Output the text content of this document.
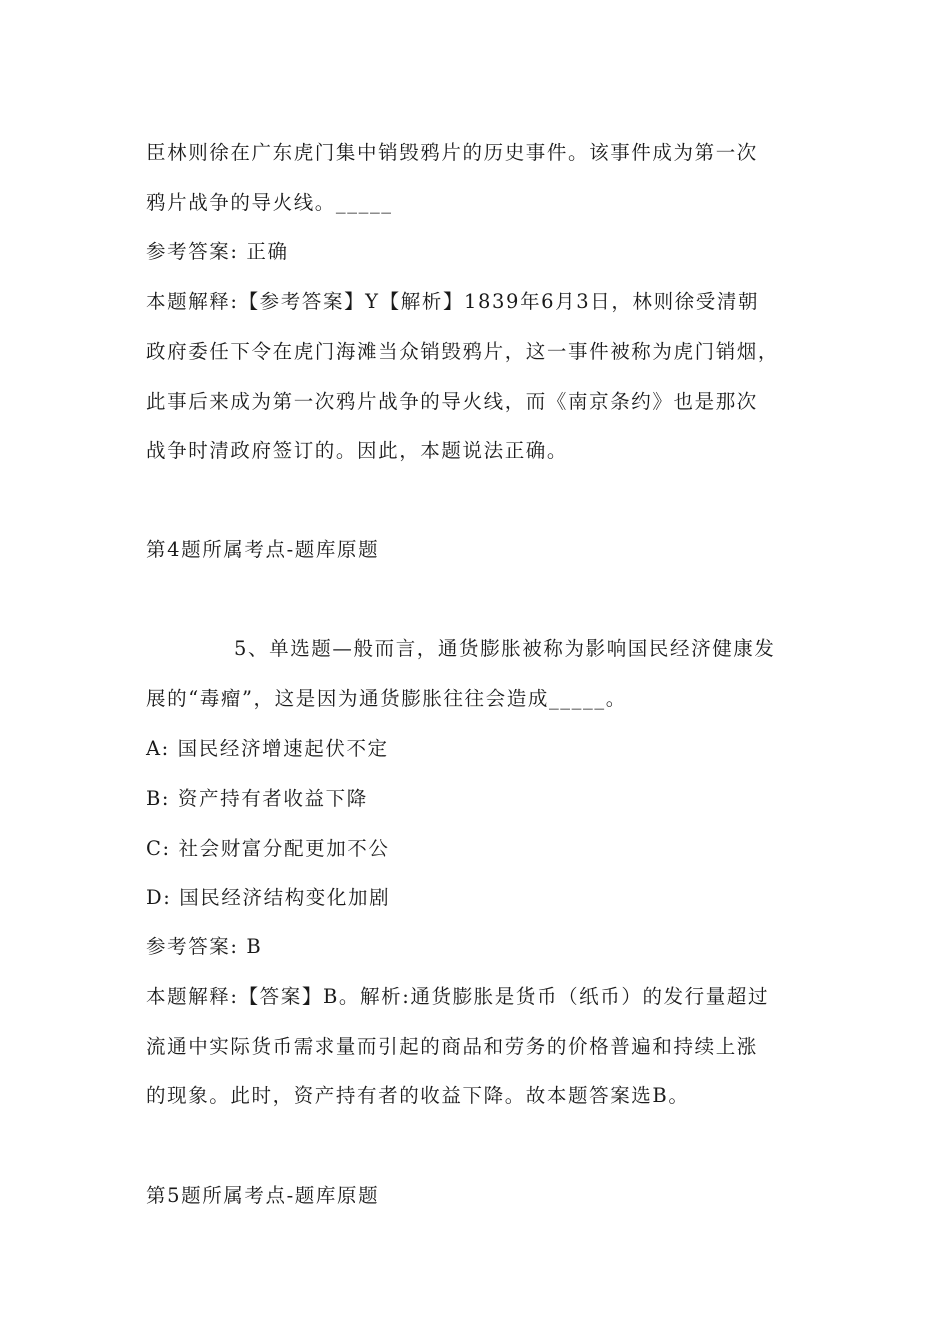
臣林则徐在广东虎门集中销毁鸦片的历史事件。该事件成为第一次
鸦片战争的导火线。_____
参考答案: 正确
本题解释:【参考答案】Y【解析】1839年6月3日，林则徐受清朝
政府委任下令在虎门海滩当众销毁鸦片，这一事件被称为虎门销烟，
此事后来成为第一次鸦片战争的导火线，而《南京条约》也是那次
战争时清政府签订的。因此，本题说法正确。
第4题所属考点-题库原题
5、单选题—般而言，通货膨胀被称为影响国民经济健康发
展的“毒瘤”，这是因为通货膨胀往往会造成_____。
A: 国民经济增速起伏不定
B: 资产持有者收益下降
C: 社会财富分配更加不公
D: 国民经济结构变化加剧
参考答案: B
本题解释:【答案】B。解析:通货膨胀是货币（纸币）的发行量超过
流通中实际货币需求量而引起的商品和劳务的价格普遍和持续上涨
的现象。此时，资产持有者的收益下降。故本题答案选B。
第5题所属考点-题库原题
